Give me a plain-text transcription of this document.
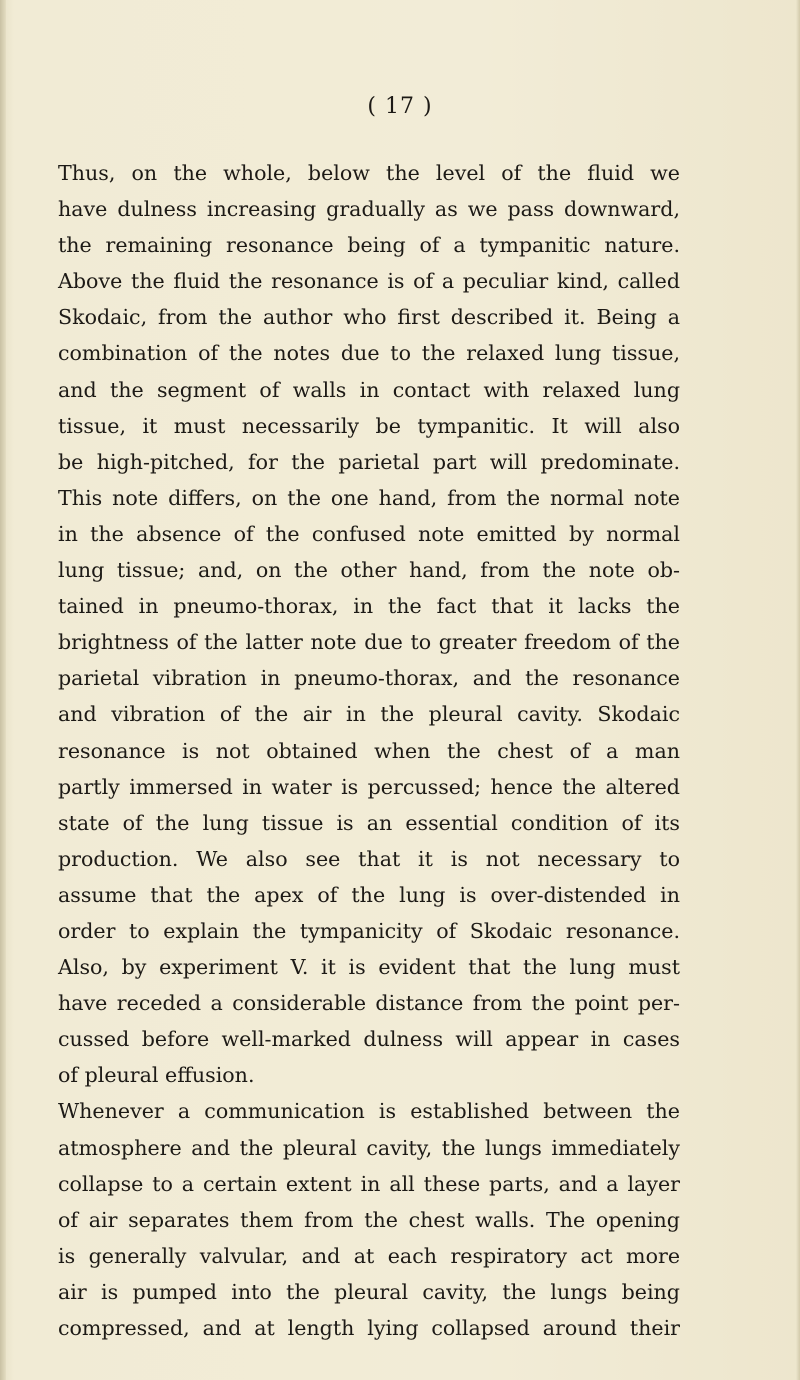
( 17 )
Thus, on the whole, below the level of the fluid we
have dulness increasing gradually as we pass downward,
the remaining resonance being of a tympanitic nature.
Above the fluid the resonance is of a peculiar kind, called
Skodaic, from the author who first described it. Being a
combination of the notes due to the relaxed lung tissue,
and the segment of walls in contact with relaxed lung
tissue, it must necessarily be tympanitic. It will also
be high-pitched, for the parietal part will predominate.
This note differs, on the one hand, from the normal note
in the absence of the confused note emitted by normal
lung tissue; and, on the other hand, from the note ob-
tained in pneumo-thorax, in the fact that it lacks the
brightness of the latter note due to greater freedom of the
parietal vibration in pneumo-thorax, and the resonance
and vibration of the air in the pleural cavity. Skodaic
resonance is not obtained when the chest of a man
partly immersed in water is percussed; hence the altered
state of the lung tissue is an essential condition of its
production. We also see that it is not necessary to
assume that the apex of the lung is over-distended in
order to explain the tympanicity of Skodaic resonance.
Also, by experiment V. it is evident that the lung must
have receded a considerable distance from the point per-
cussed before well-marked dulness will appear in cases
of pleural effusion.
Whenever a communication is established between the
atmosphere and the pleural cavity, the lungs immediately
collapse to a certain extent in all these parts, and a layer
of air separates them from the chest walls. The opening
is generally valvular, and at each respiratory act more
air is pumped into the pleural cavity, the lungs being
compressed, and at length lying collapsed around their
